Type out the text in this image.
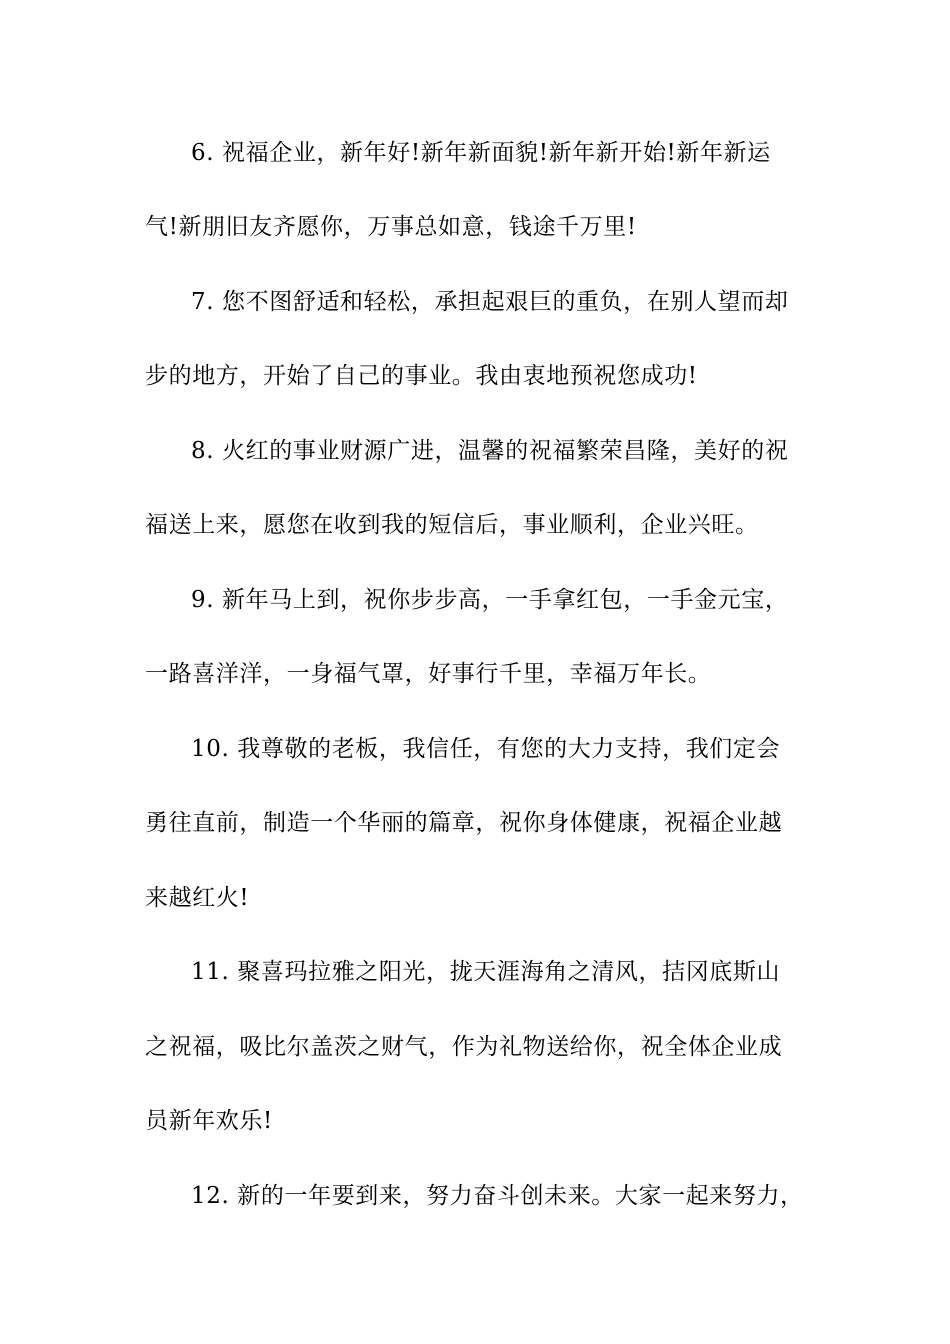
6. 祝福企业，新年好!新年新面貌!新年新开始!新年新运
气!新朋旧友齐愿你，万事总如意，钱途千万里!
7. 您不图舒适和轻松，承担起艰巨的重负，在别人望而却
步的地方，开始了自己的事业。我由衷地预祝您成功!
8. 火红的事业财源广进，温馨的祝福繁荣昌隆，美好的祝
福送上来，愿您在收到我的短信后，事业顺利，企业兴旺。
9. 新年马上到，祝你步步高，一手拿红包，一手金元宝，
一路喜洋洋，一身福气罩，好事行千里，幸福万年长。
10. 我尊敬的老板，我信任，有您的大力支持，我们定会
勇往直前，制造一个华丽的篇章，祝你身体健康，祝福企业越
来越红火!
11. 聚喜玛拉雅之阳光，拢天涯海角之清风，拮冈底斯山
之祝福，吸比尔盖茨之财气，作为礼物送给你，祝全体企业成
员新年欢乐!
12. 新的一年要到来，努力奋斗创未来。大家一起来努力，
